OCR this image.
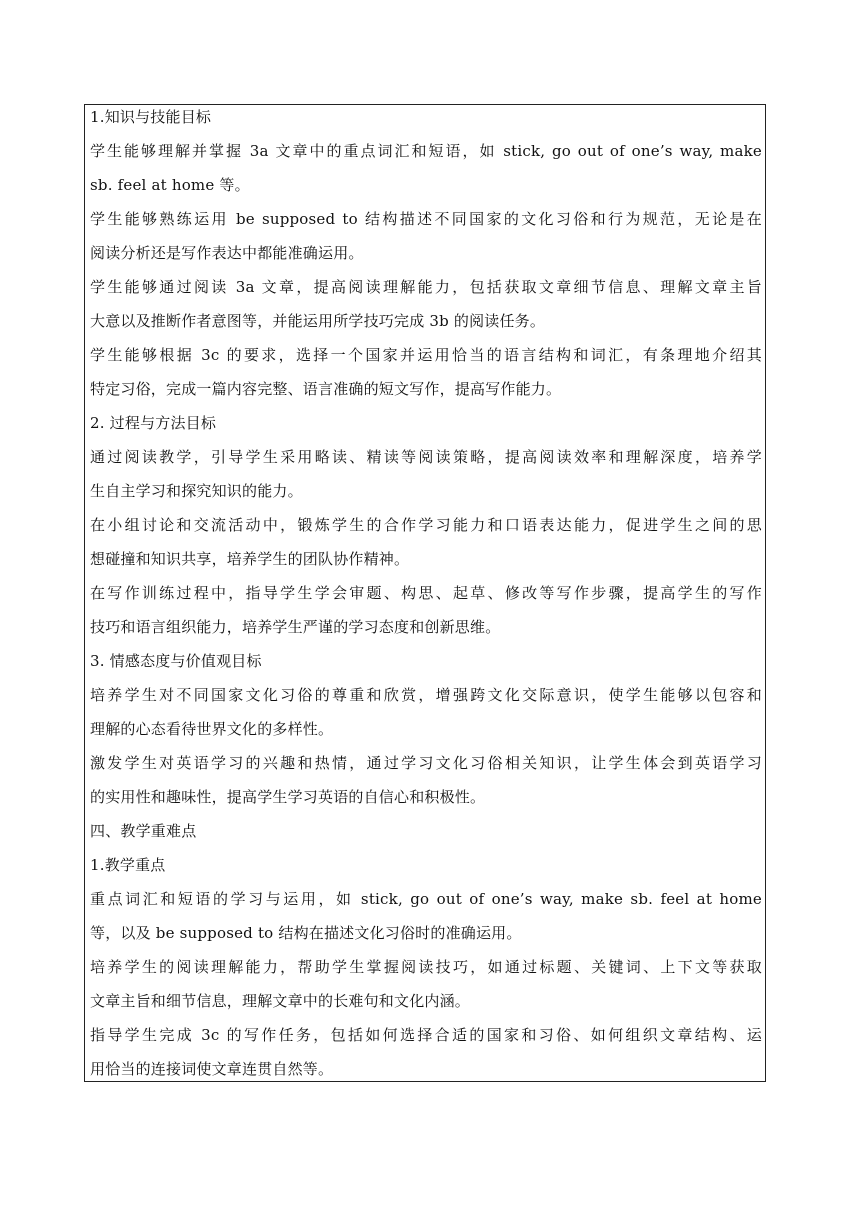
1.知识与技能目标
学生能够理解并掌握 3a 文章中的重点词汇和短语，如 stick, go out of one’s way, make
sb. feel at home 等。
学生能够熟练运用 be supposed to 结构描述不同国家的文化习俗和行为规范，无论是在
阅读分析还是写作表达中都能准确运用。
学生能够通过阅读 3a 文章，提高阅读理解能力，包括获取文章细节信息、理解文章主旨
大意以及推断作者意图等，并能运用所学技巧完成 3b 的阅读任务。
学生能够根据 3c 的要求，选择一个国家并运用恰当的语言结构和词汇，有条理地介绍其
特定习俗，完成一篇内容完整、语言准确的短文写作，提高写作能力。
2. 过程与方法目标
通过阅读教学，引导学生采用略读、精读等阅读策略，提高阅读效率和理解深度，培养学
生自主学习和探究知识的能力。
在小组讨论和交流活动中，锻炼学生的合作学习能力和口语表达能力，促进学生之间的思
想碰撞和知识共享，培养学生的团队协作精神。
在写作训练过程中，指导学生学会审题、构思、起草、修改等写作步骤，提高学生的写作
技巧和语言组织能力，培养学生严谨的学习态度和创新思维。
3. 情感态度与价值观目标
培养学生对不同国家文化习俗的尊重和欣赏，增强跨文化交际意识，使学生能够以包容和
理解的心态看待世界文化的多样性。
激发学生对英语学习的兴趣和热情，通过学习文化习俗相关知识，让学生体会到英语学习
的实用性和趣味性，提高学生学习英语的自信心和积极性。
四、教学重难点
1.教学重点
重点词汇和短语的学习与运用，如 stick, go out of one’s way, make sb. feel at home
等，以及 be supposed to 结构在描述文化习俗时的准确运用。
培养学生的阅读理解能力，帮助学生掌握阅读技巧，如通过标题、关键词、上下文等获取
文章主旨和细节信息，理解文章中的长难句和文化内涵。
指导学生完成 3c 的写作任务，包括如何选择合适的国家和习俗、如何组织文章结构、运
用恰当的连接词使文章连贯自然等。
